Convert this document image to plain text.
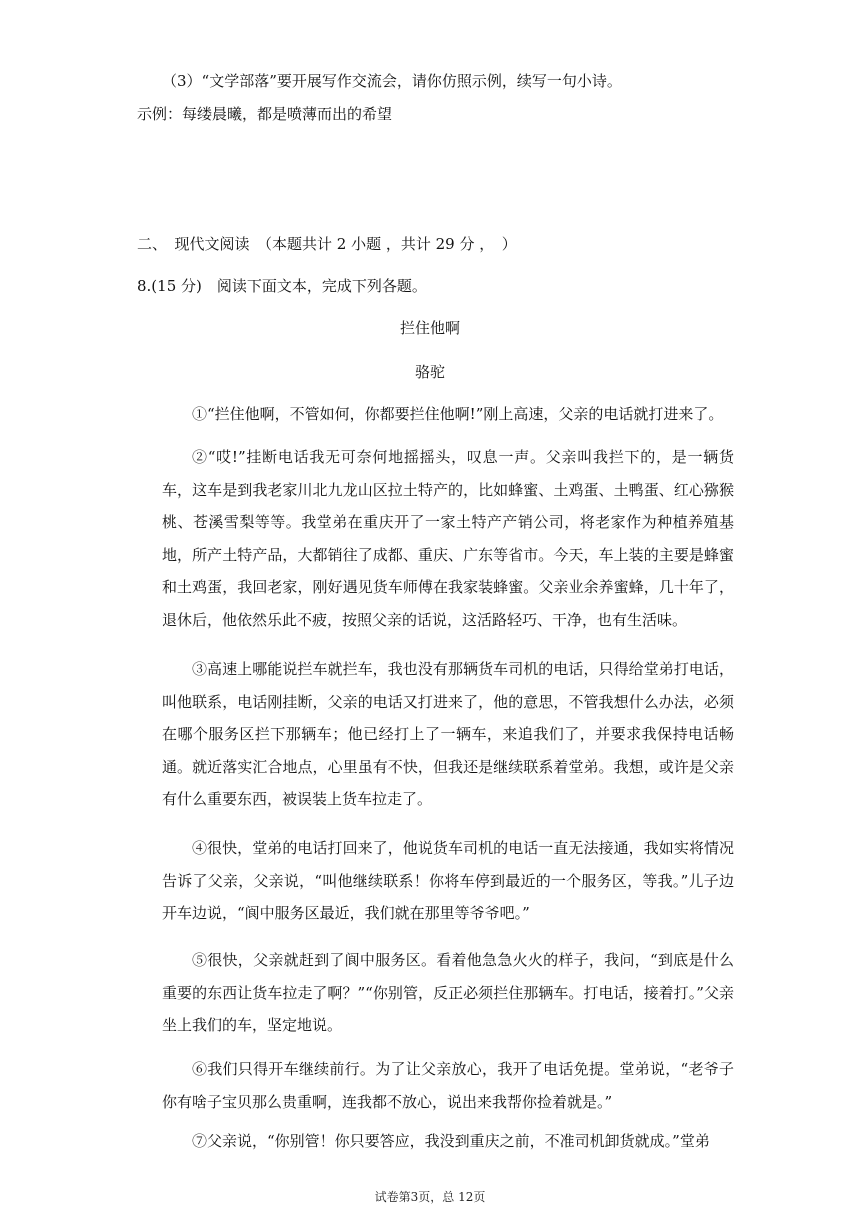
（3）“文学部落”要开展写作交流会，请你仿照示例，续写一句小诗。
示例：每缕晨曦，都是喷薄而出的希望
二、　现代文阅读　（本题共计 2 小题 ，共计 29 分 ，　）
8.(15 分)　阅读下面文本，完成下列各题。
拦住他啊
骆驼
①“拦住他啊，不管如何，你都要拦住他啊!”刚上高速，父亲的电话就打进来了。
②“哎!”挂断电话我无可奈何地摇摇头，叹息一声。父亲叫我拦下的，是一辆货车，这车是到我老家川北九龙山区拉土特产的，比如蜂蜜、土鸡蛋、土鸭蛋、红心猕猴桃、苍溪雪梨等等。我堂弟在重庆开了一家土特产产销公司，将老家作为种植养殖基地，所产土特产品，大都销往了成都、重庆、广东等省市。今天，车上装的主要是蜂蜜和土鸡蛋，我回老家，刚好遇见货车师傅在我家装蜂蜜。父亲业余养蜜蜂，几十年了，退休后，他依然乐此不疲，按照父亲的话说，这活路轻巧、干净，也有生活味。
③高速上哪能说拦车就拦车，我也没有那辆货车司机的电话，只得给堂弟打电话，叫他联系，电话刚挂断，父亲的电话又打进来了，他的意思，不管我想什么办法，必须在哪个服务区拦下那辆车；他已经打上了一辆车，来追我们了，并要求我保持电话畅通。就近落实汇合地点，心里虽有不快，但我还是继续联系着堂弟。我想，或许是父亲有什么重要东西，被误装上货车拉走了。
④很快，堂弟的电话打回来了，他说货车司机的电话一直无法接通，我如实将情况告诉了父亲，父亲说，“叫他继续联系！你将车停到最近的一个服务区，等我。”儿子边开车边说，“阆中服务区最近，我们就在那里等爷爷吧。”
⑤很快，父亲就赶到了阆中服务区。看着他急急火火的样子，我问，“到底是什么重要的东西让货车拉走了啊？”“你别管，反正必须拦住那辆车。打电话，接着打。”父亲坐上我们的车，坚定地说。
⑥我们只得开车继续前行。为了让父亲放心，我开了电话免提。堂弟说，“老爷子你有啥子宝贝那么贵重啊，连我都不放心，说出来我帮你捡着就是。”
⑦父亲说，“你别管！你只要答应，我没到重庆之前，不准司机卸货就成。”堂弟
试卷第3页，总 12页
